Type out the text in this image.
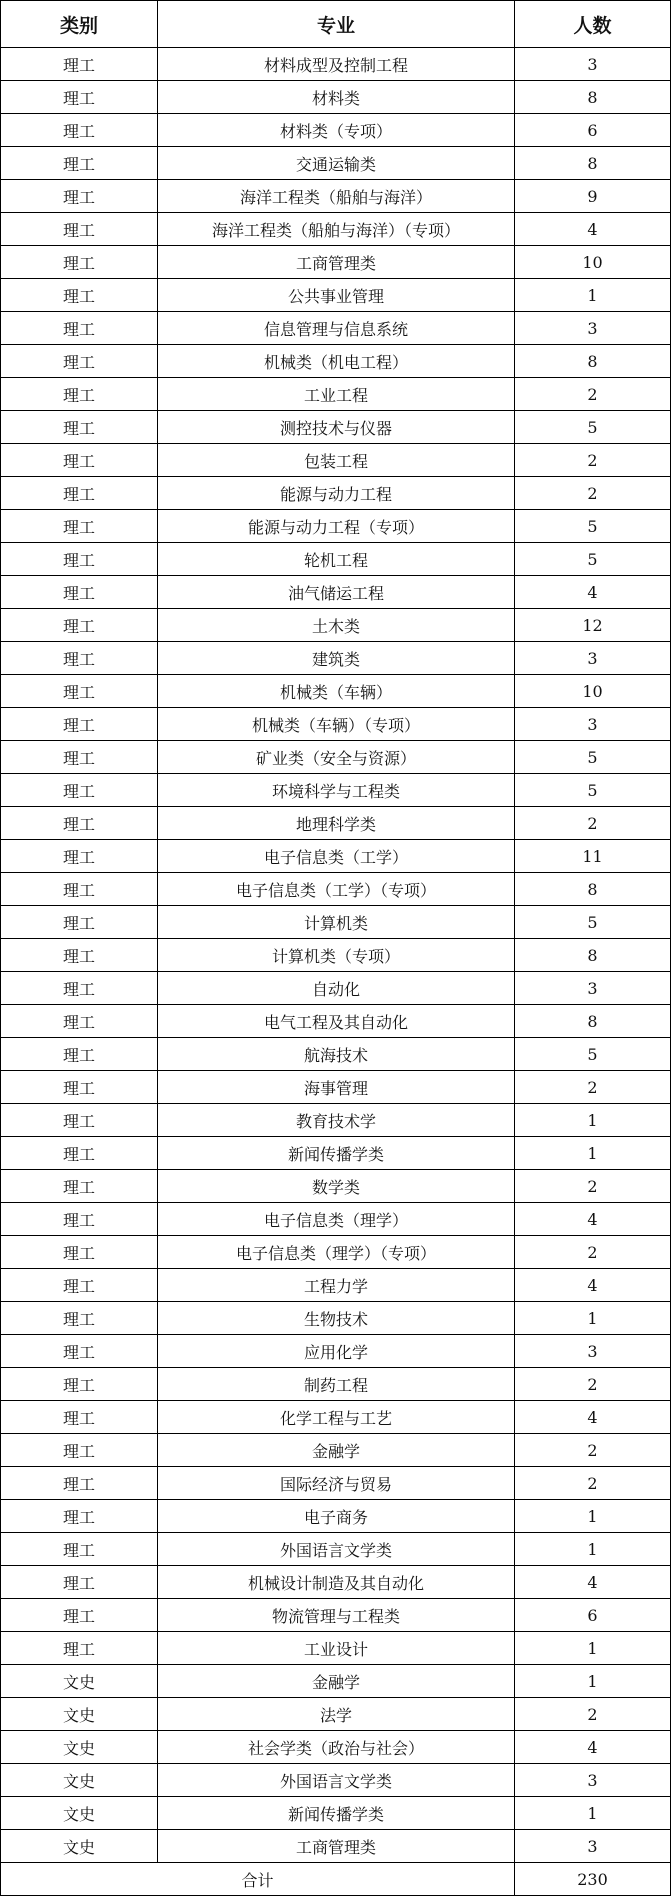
类别	专业	人数
理工	材料成型及控制工程	3
理工	材料类	8
理工	材料类（专项）	6
理工	交通运输类	8
理工	海洋工程类（船舶与海洋）	9
理工	海洋工程类（船舶与海洋）（专项）	4
理工	工商管理类	10
理工	公共事业管理	1
理工	信息管理与信息系统	3
理工	机械类（机电工程）	8
理工	工业工程	2
理工	测控技术与仪器	5
理工	包装工程	2
理工	能源与动力工程	2
理工	能源与动力工程（专项）	5
理工	轮机工程	5
理工	油气储运工程	4
理工	土木类	12
理工	建筑类	3
理工	机械类（车辆）	10
理工	机械类（车辆）（专项）	3
理工	矿业类（安全与资源）	5
理工	环境科学与工程类	5
理工	地理科学类	2
理工	电子信息类（工学）	11
理工	电子信息类（工学）（专项）	8
理工	计算机类	5
理工	计算机类（专项）	8
理工	自动化	3
理工	电气工程及其自动化	8
理工	航海技术	5
理工	海事管理	2
理工	教育技术学	1
理工	新闻传播学类	1
理工	数学类	2
理工	电子信息类（理学）	4
理工	电子信息类（理学）（专项）	2
理工	工程力学	4
理工	生物技术	1
理工	应用化学	3
理工	制药工程	2
理工	化学工程与工艺	4
理工	金融学	2
理工	国际经济与贸易	2
理工	电子商务	1
理工	外国语言文学类	1
理工	机械设计制造及其自动化	4
理工	物流管理与工程类	6
理工	工业设计	1
文史	金融学	1
文史	法学	2
文史	社会学类（政治与社会）	4
文史	外国语言文学类	3
文史	新闻传播学类	1
文史	工商管理类	3
合计		230
